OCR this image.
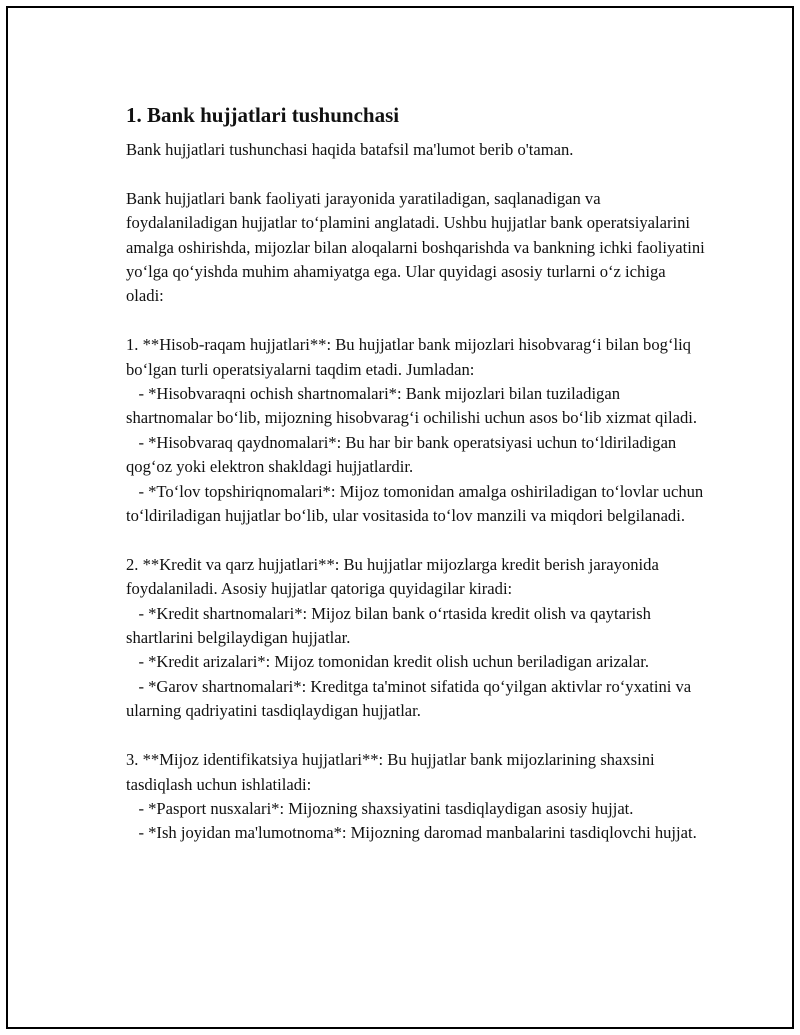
1. Bank hujjatlari tushunchasi

Bank hujjatlari tushunchasi haqida batafsil ma'lumot berib o'taman.

Bank hujjatlari bank faoliyati jarayonida yaratiladigan, saqlanadigan va foydalaniladigan hujjatlar to‘plamini anglatadi. Ushbu hujjatlar bank operatsiyalarini amalga oshirishda, mijozlar bilan aloqalarni boshqarishda va bankning ichki faoliyatini yo‘lga qo‘yishda muhim ahamiyatga ega. Ular quyidagi asosiy turlarni o‘z ichiga oladi:

1. **Hisob-raqam hujjatlari**: Bu hujjatlar bank mijozlari hisobvarag‘i bilan bog‘liq bo‘lgan turli operatsiyalarni taqdim etadi. Jumladan:

- *Hisobvaraqni ochish shartnomalari*: Bank mijozlari bilan tuziladigan shartnomalar bo‘lib, mijozning hisobvarag‘i ochilishi uchun asos bo‘lib xizmat qiladi.

- *Hisobvaraq qaydnomalari*: Bu har bir bank operatsiyasi uchun to‘ldiriladigan qog‘oz yoki elektron shakldagi hujjatlardir.

- *To‘lov topshiriqnomalari*: Mijoz tomonidan amalga oshiriladigan to‘lovlar uchun to‘ldiriladigan hujjatlar bo‘lib, ular vositasida to‘lov manzili va miqdori belgilanadi.

2. **Kredit va qarz hujjatlari**: Bu hujjatlar mijozlarga kredit berish jarayonida foydalaniladi. Asosiy hujjatlar qatoriga quyidagilar kiradi:

- *Kredit shartnomalari*: Mijoz bilan bank o‘rtasida kredit olish va qaytarish shartlarini belgilaydigan hujjatlar.

- *Kredit arizalari*: Mijoz tomonidan kredit olish uchun beriladigan arizalar.

- *Garov shartnomalari*: Kreditga ta'minot sifatida qo‘yilgan aktivlar ro‘yxatini va ularning qadriyatini tasdiqlaydigan hujjatlar.

3. **Mijoz identifikatsiya hujjatlari**: Bu hujjatlar bank mijozlarining shaxsini tasdiqlash uchun ishlatiladi:

- *Pasport nusxalari*: Mijozning shaxsiyatini tasdiqlaydigan asosiy hujjat.

- *Ish joyidan ma'lumotnoma*: Mijozning daromad manbalarini tasdiqlovchi hujjat.
